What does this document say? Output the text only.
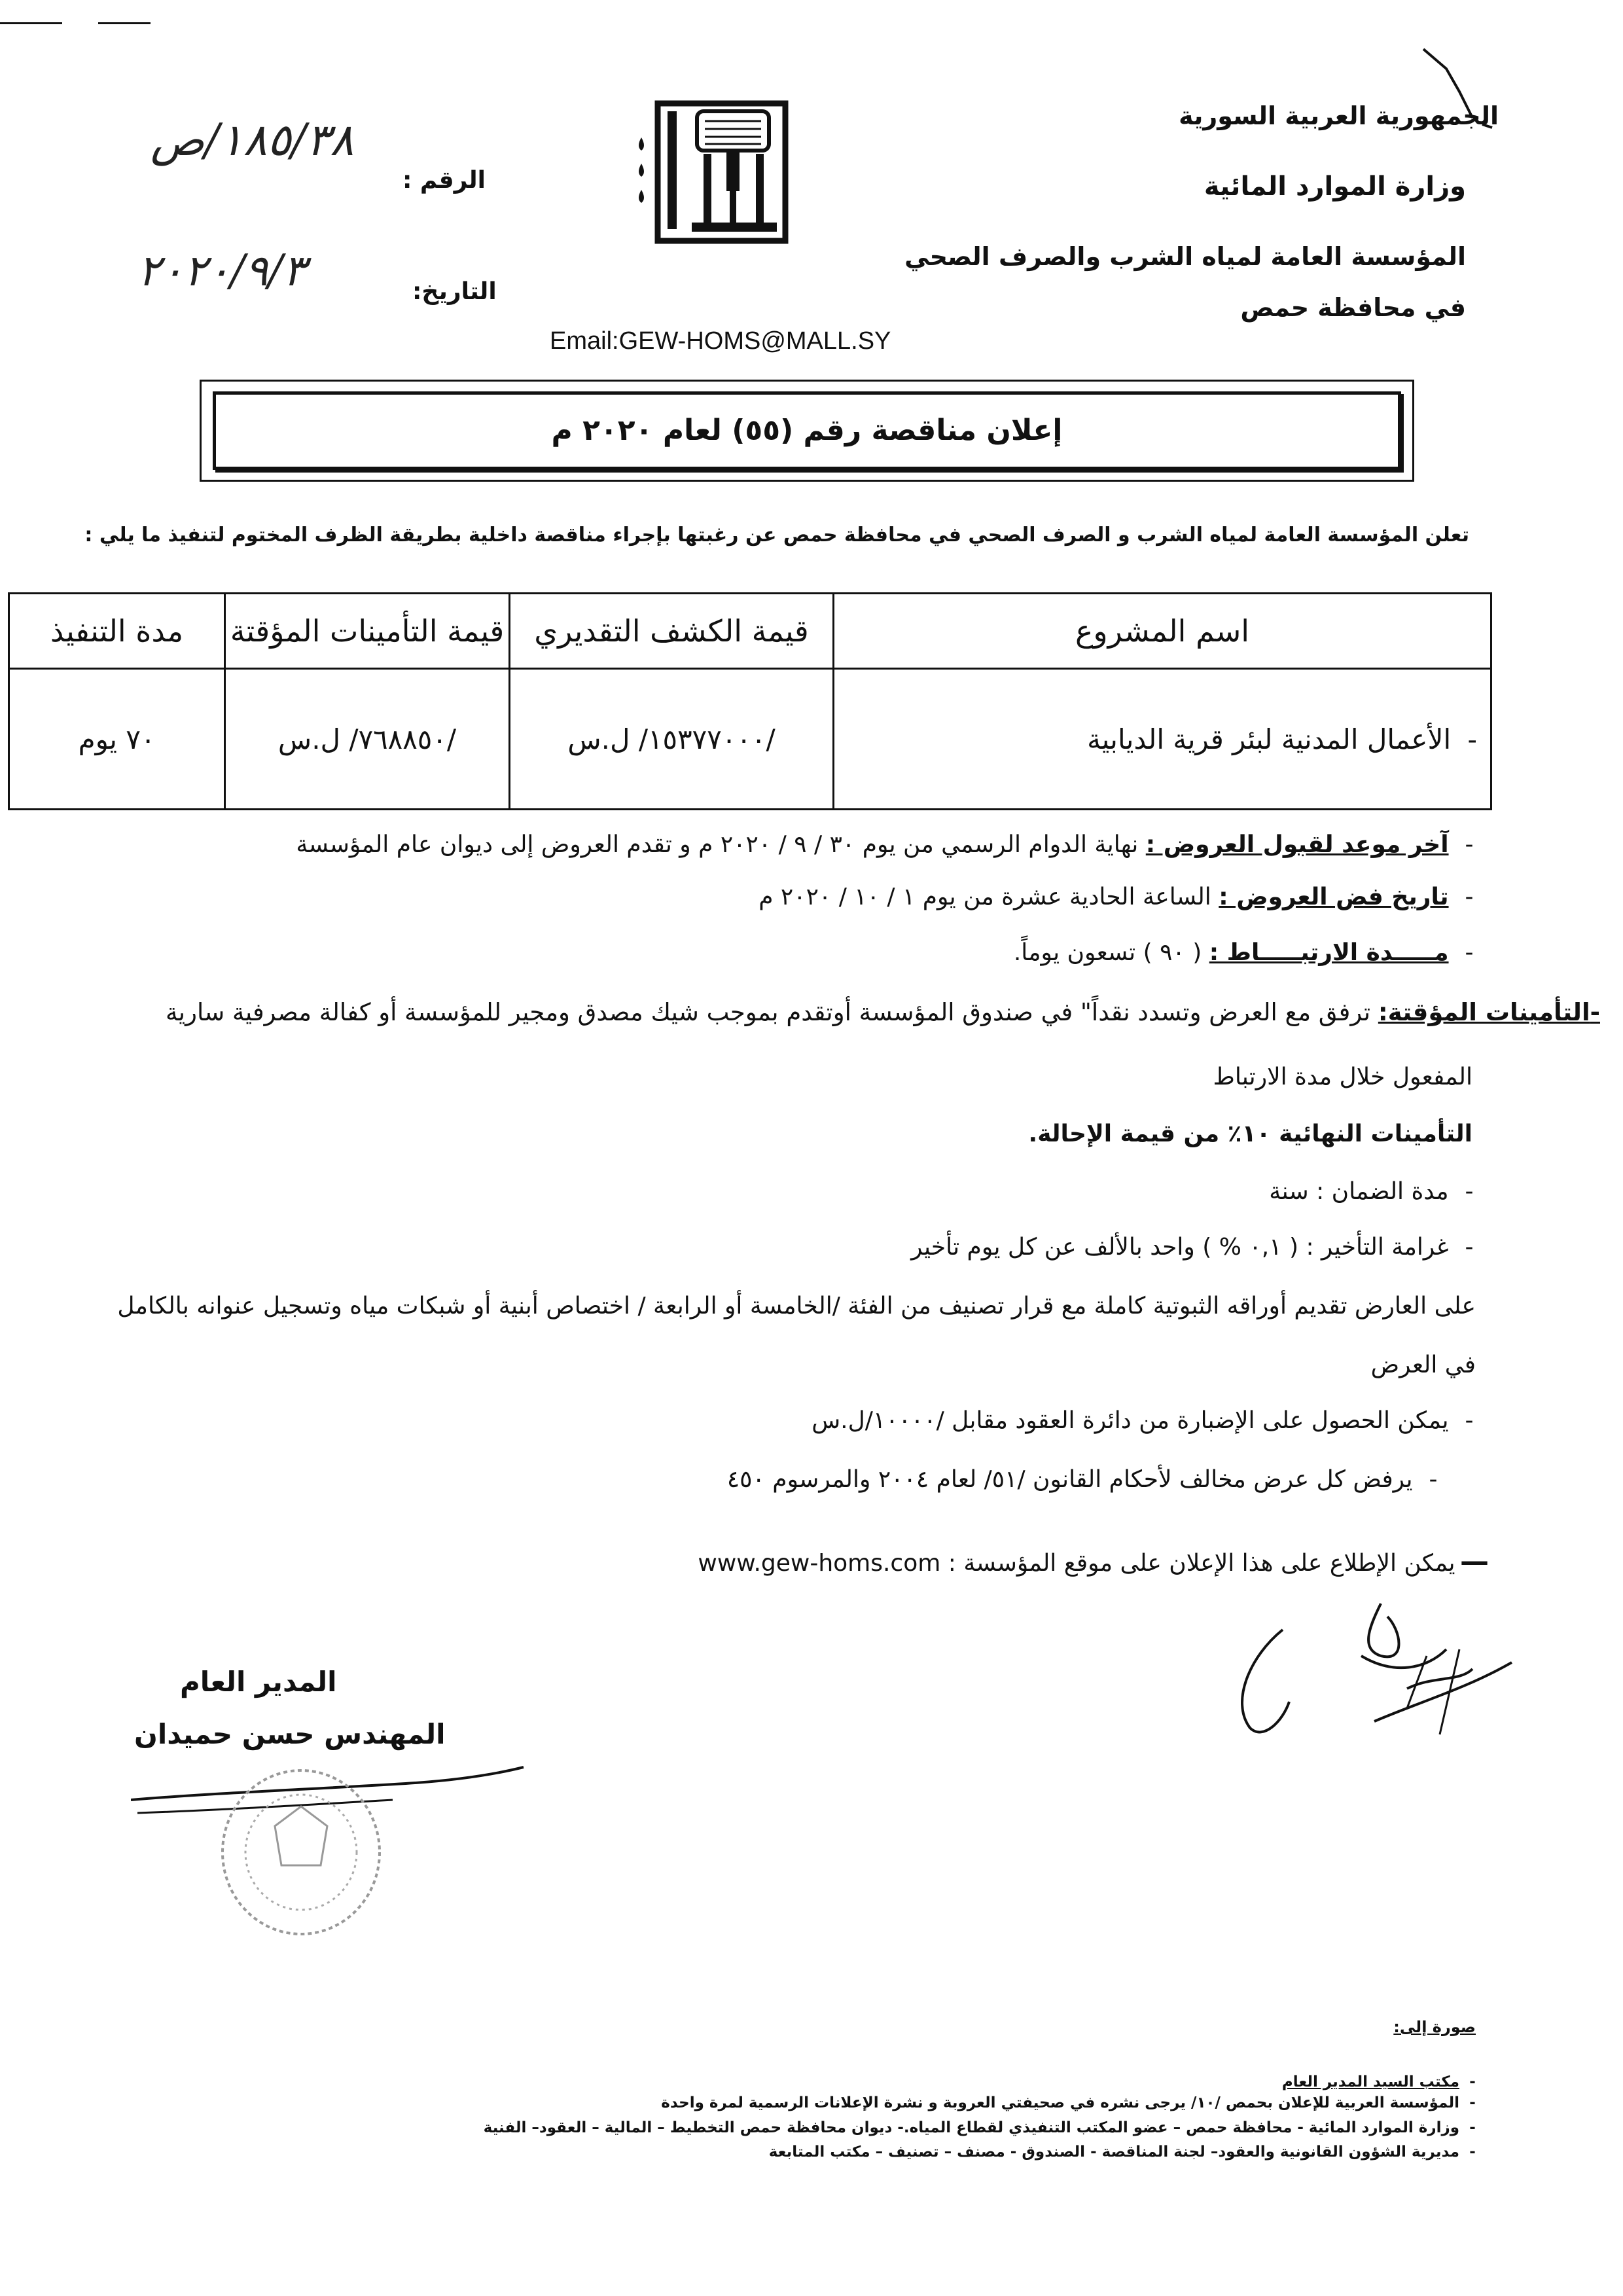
الجمهورية العربية السورية
وزارة الموارد المائية
المؤسسة العامة لمياه الشرب والصرف الصحي
في محافظة حمص
الرقم :
١٨٥/٣٨/ص
التاريخ:
٢٠٢٠/٩/٣
Email:GEW-HOMS@MALL.SY
إعلان مناقصة رقم (٥٥) لعام ٢٠٢٠ م
تعلن المؤسسة العامة لمياه الشرب و الصرف الصحي في محافظة حمص عن رغبتها بإجراء مناقصة داخلية بطريقة الظرف المختوم لتنفيذ ما يلي :
اسم المشروع	قيمة الكشف التقديري	قيمة التأمينات المؤقتة	مدة التنفيذ
-  الأعمال المدنية لبئر قرية الديابية	/١٥٣٧٧٠٠٠/ ل.س	/٧٦٨٨٥٠/ ل.س	٧٠ يوم
- آخر موعد لقبول العروض : نهاية الدوام الرسمي من يوم ٣٠ / ٩ / ٢٠٢٠ م و تقدم العروض إلى ديوان عام المؤسسة
- تاريخ فض العروض : الساعة الحادية عشرة من يوم ١ / ١٠ / ٢٠٢٠ م
- مـــــدة الارتبـــــاط : ( ٩٠ ) تسعون يوماً.
-التأمينات المؤقتة: ترفق مع العرض وتسدد نقداً" في صندوق المؤسسة أوتقدم بموجب شيك مصدق ومجير للمؤسسة أو كفالة مصرفية سارية
المفعول خلال مدة الارتباط
التأمينات النهائية ١٠٪ من قيمة الإحالة.
- مدة الضمان : سنة
- غرامة التأخير : ( ٠,١ % ) واحد بالألف عن كل يوم تأخير
على العارض تقديم أوراقه الثبوتية كاملة مع قرار تصنيف من الفئة /الخامسة أو الرابعة / اختصاص أبنية أو شبكات مياه وتسجيل عنوانه بالكامل
في العرض
- يمكن الحصول على الإضبارة من دائرة العقود مقابل /١٠٠٠٠/ل.س
- يرفض كل عرض مخالف لأحكام القانون /٥١/ لعام ٢٠٠٤ والمرسوم ٤٥٠
— يمكن الإطلاع على هذا الإعلان على موقع المؤسسة : www.gew-homs.com
المدير العام
المهندس حسن حميدان
صورة إلى:
-مكتب السيد المدير العام
-المؤسسة العربية للإعلان بحمص /١٠/ يرجى نشره في صحيفتي العروبة و نشرة الإعلانات الرسمية لمرة واحدة
-وزارة الموارد المائية - محافظة حمص – عضو المكتب التنفيذي لقطاع المياه.- ديوان محافظة حمص التخطيط – المالية – العقود– الفنية
-مديرية الشؤون القانونية والعقود– لجنة المناقصة - الصندوق - مصنف – تصنيف – مكتب المتابعة
